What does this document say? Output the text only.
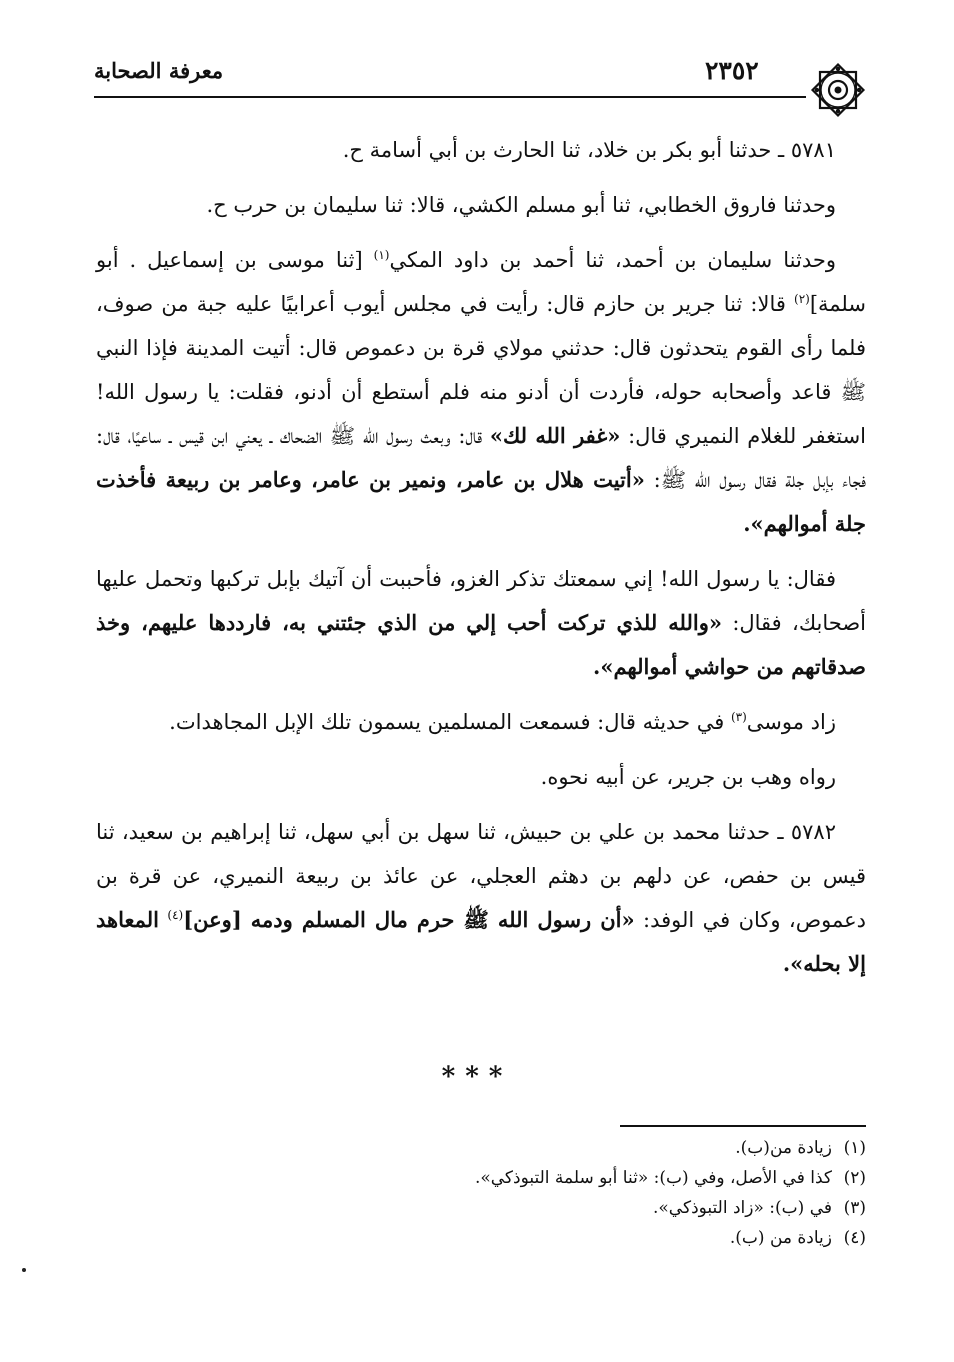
معرفة الصحابة	٢٣٥٢

٥٧٨١ ـ حدثنا أبو بكر بن خلاد، ثنا الحارث بن أبي أسامة ح.

وحدثنا فاروق الخطابي، ثنا أبو مسلم الكشي، قالا: ثنا سليمان بن حرب ح.

وحدثنا سليمان بن أحمد، ثنا أحمد بن داود المكي$^{(١)}$ [ثنا موسى بن إسماعيل . أبو سلمة]$^{(٢)}$ قالا: ثنا جرير بن حازم قال: رأيت في مجلس أيوب أعرابيًا عليه جبة من صوف، فلما رأى القوم يتحدثون قال: حدثني مولاي قرة بن دعموص قال: أتيت المدينة فإذا النبي ﷺ قاعد وأصحابه حوله، فأردت أن أدنو منه فلم أستطع أن أدنو، فقلت: يا رسول الله! استغفر للغلام النميري قال: «غفر الله لك» قال: وبعث رسول الله ﷺ الضحاك ـ يعني ابن قيس ـ ساعيًا، قال: فجاء بإبل جلة فقال رسول الله ﷺ: «أتيت هلال بن عامر، ونمير بن عامر، وعامر بن ربيعة فأخذت جلة أموالهم».

فقال: يا رسول الله! إني سمعتك تذكر الغزو، فأحببت أن آتيك بإبل تركبها وتحمل عليها أصحابك، فقال: «والله للذي تركت أحب إلي من الذي جئتني به، فارددها عليهم، وخذ صدقاتهم من حواشي أموالهم».

زاد موسى$^{(٣)}$ في حديثه قال: فسمعت المسلمين يسمون تلك الإبل المجاهدات.

رواه وهب بن جرير، عن أبيه نحوه.

٥٧٨٢ ـ حدثنا محمد بن علي بن حبيش، ثنا سهل بن أبي سهل، ثنا إبراهيم بن سعيد، ثنا قيس بن حفص، عن دلهم بن دهثم العجلي، عن عائذ بن ربيعة النميري، عن قرة بن دعموص، وكان في الوفد: «أن رسول الله ﷺ حرم مال المسلم ودمه [وعن]$^{(٤)}$ المعاهد إلا بحله».

***
(١)زيادة من(ب).
(٢)كذا في الأصل، وفي (ب): «ثنا أبو سلمة التبوذكي».
(٣)في (ب): «زاد التبوذكي».
(٤)زيادة من (ب).
